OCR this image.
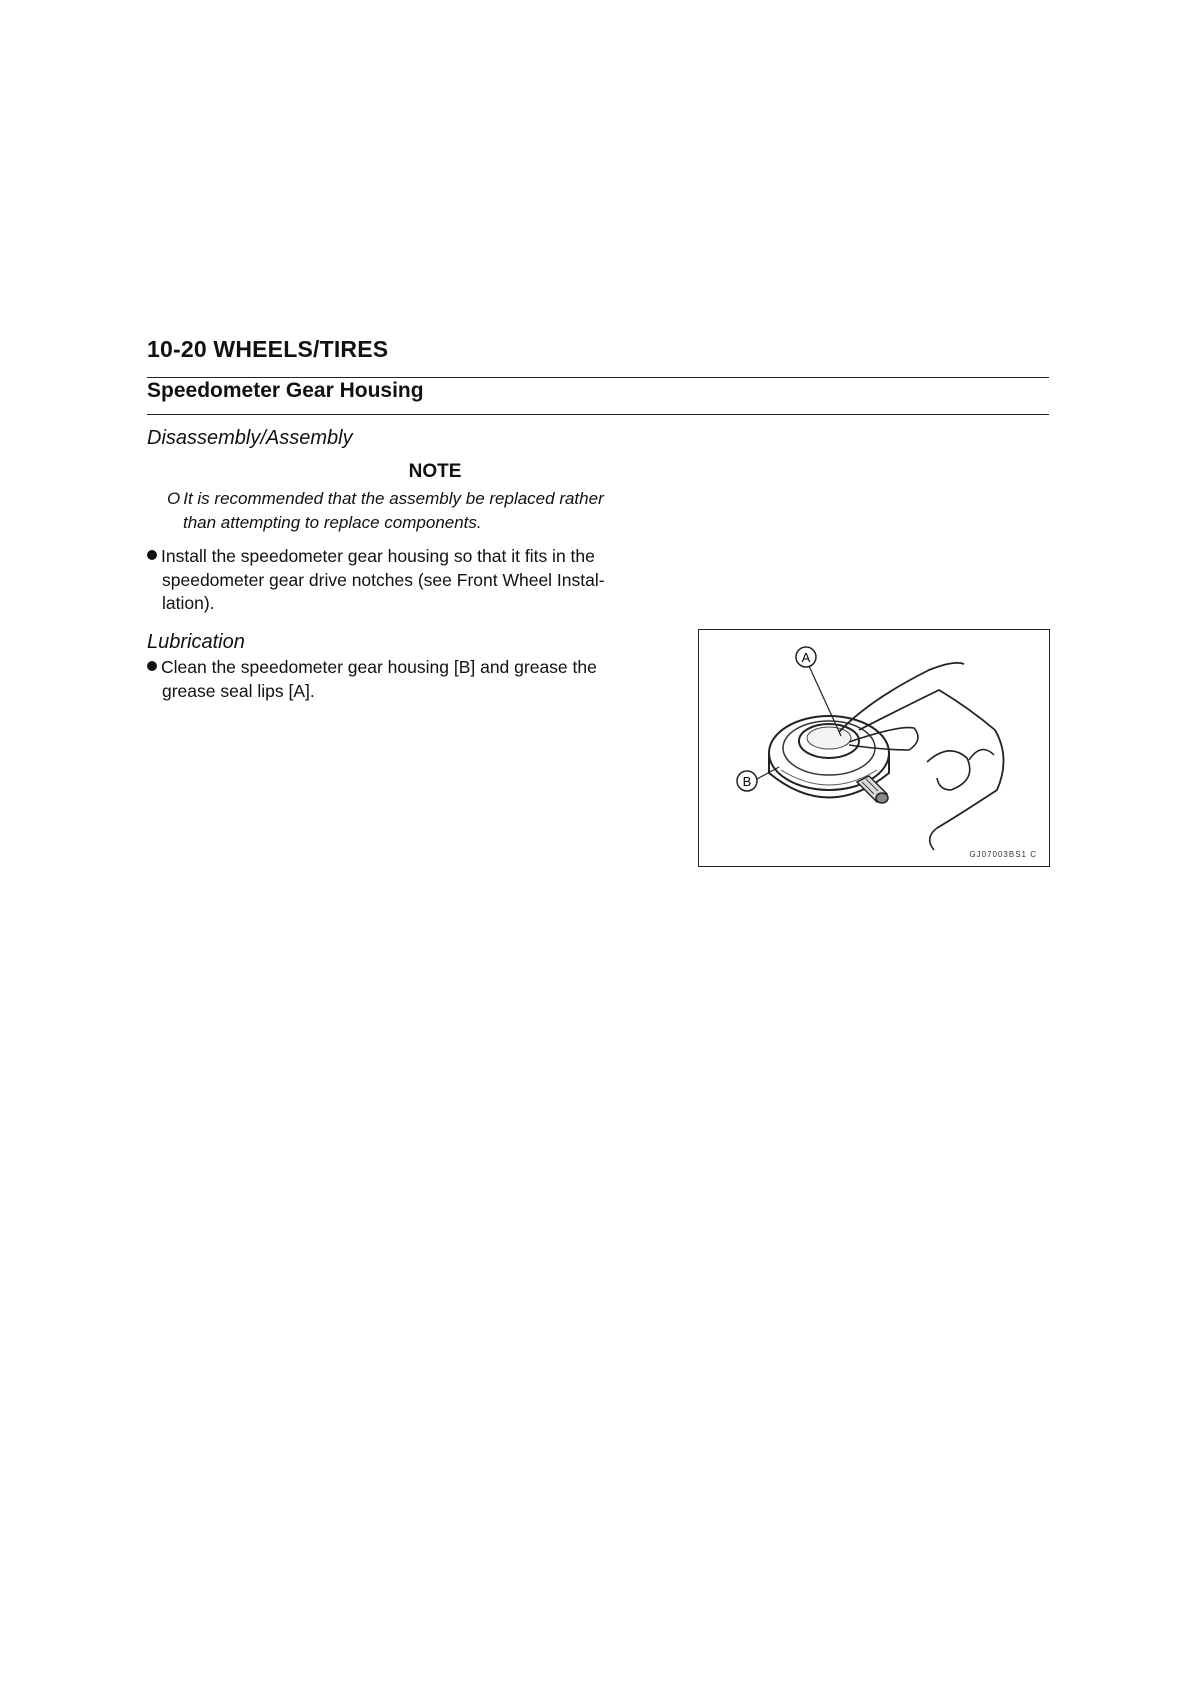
10-20 WHEELS/TIRES
Speedometer Gear Housing
Disassembly/Assembly
NOTE
O It is recommended that the assembly be replaced rather
than attempting to replace components.
Install the speedometer gear housing so that it fits in the
speedometer gear drive notches (see Front Wheel Instal-
lation).
Lubrication
Clean the speedometer gear housing [B] and grease the
grease seal lips [A].
A
B
GJ07003BS1 C
